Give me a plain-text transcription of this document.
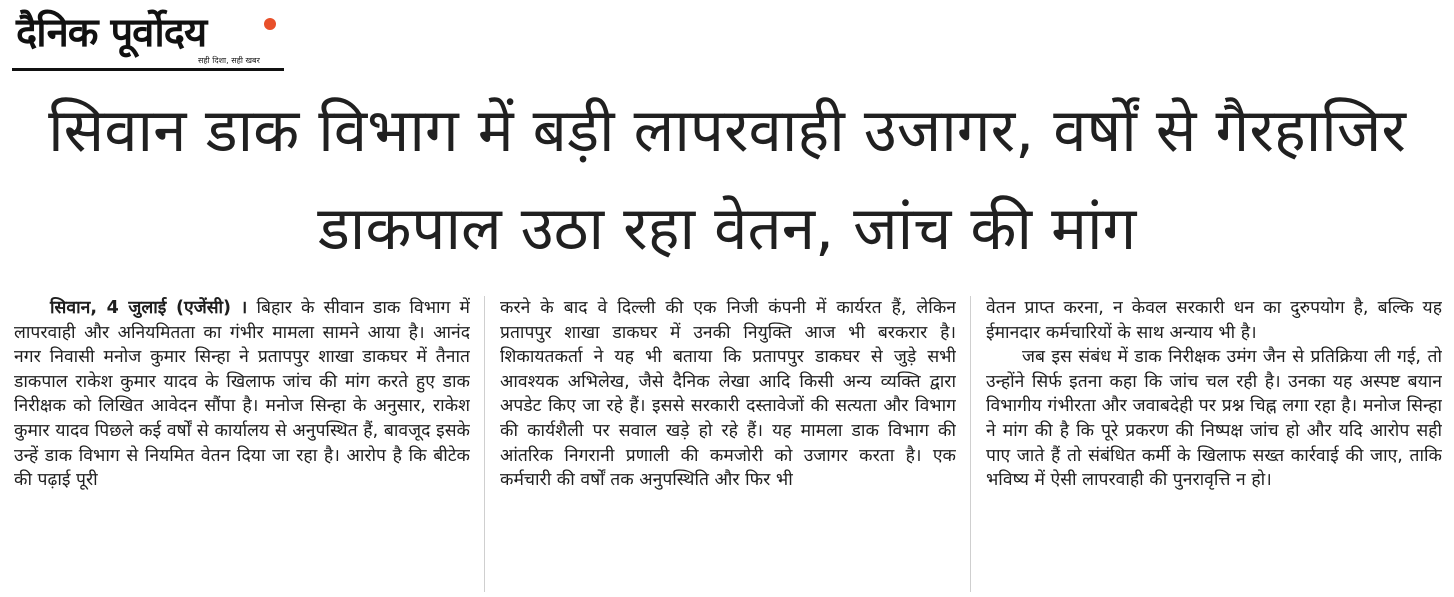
दैनिक पूर्वोदय
सही दिशा, सही खबर
सिवान डाक विभाग में बड़ी लापरवाही उजागर, वर्षों से गैरहाजिर डाकपाल उठा रहा वेतन, जांच की मांग

सिवान, 4 जुलाई (एजेंसी) । बिहार के सीवान डाक विभाग में लापरवाही और अनियमितता का गंभीर मामला सामने आया है। आनंद नगर निवासी मनोज कुमार सिन्हा ने प्रतापपुर शाखा डाकघर में तैनात डाकपाल राकेश कुमार यादव के खिलाफ जांच की मांग करते हुए डाक निरीक्षक को लिखित आवेदन सौंपा है। मनोज सिन्हा के अनुसार, राकेश कुमार यादव पिछले कई वर्षों से कार्यालय से अनुपस्थित हैं, बावजूद इसके उन्हें डाक विभाग से नियमित वेतन दिया जा रहा है। आरोप है कि बीटेक की पढ़ाई पूरी

करने के बाद वे दिल्ली की एक निजी कंपनी में कार्यरत हैं, लेकिन प्रतापपुर शाखा डाकघर में उनकी नियुक्ति आज भी बरकरार है। शिकायतकर्ता ने यह भी बताया कि प्रतापपुर डाकघर से जुड़े सभी आवश्यक अभिलेख, जैसे दैनिक लेखा आदि किसी अन्य व्यक्ति द्वारा अपडेट किए जा रहे हैं। इससे सरकारी दस्तावेजों की सत्यता और विभाग की कार्यशैली पर सवाल खड़े हो रहे हैं। यह मामला डाक विभाग की आंतरिक निगरानी प्रणाली की कमजोरी को उजागर करता है। एक कर्मचारी की वर्षों तक अनुपस्थिति और फिर भी

वेतन प्राप्त करना, न केवल सरकारी धन का दुरुपयोग है, बल्कि यह ईमानदार कर्मचारियों के साथ अन्याय भी है।

जब इस संबंध में डाक निरीक्षक उमंग जैन से प्रतिक्रिया ली गई, तो उन्होंने सिर्फ इतना कहा कि जांच चल रही है। उनका यह अस्पष्ट बयान विभागीय गंभीरता और जवाबदेही पर प्रश्न चिह्न लगा रहा है। मनोज सिन्हा ने मांग की है कि पूरे प्रकरण की निष्पक्ष जांच हो और यदि आरोप सही पाए जाते हैं तो संबंधित कर्मी के खिलाफ सख्त कार्रवाई की जाए, ताकि भविष्य में ऐसी लापरवाही की पुनरावृत्ति न हो।
